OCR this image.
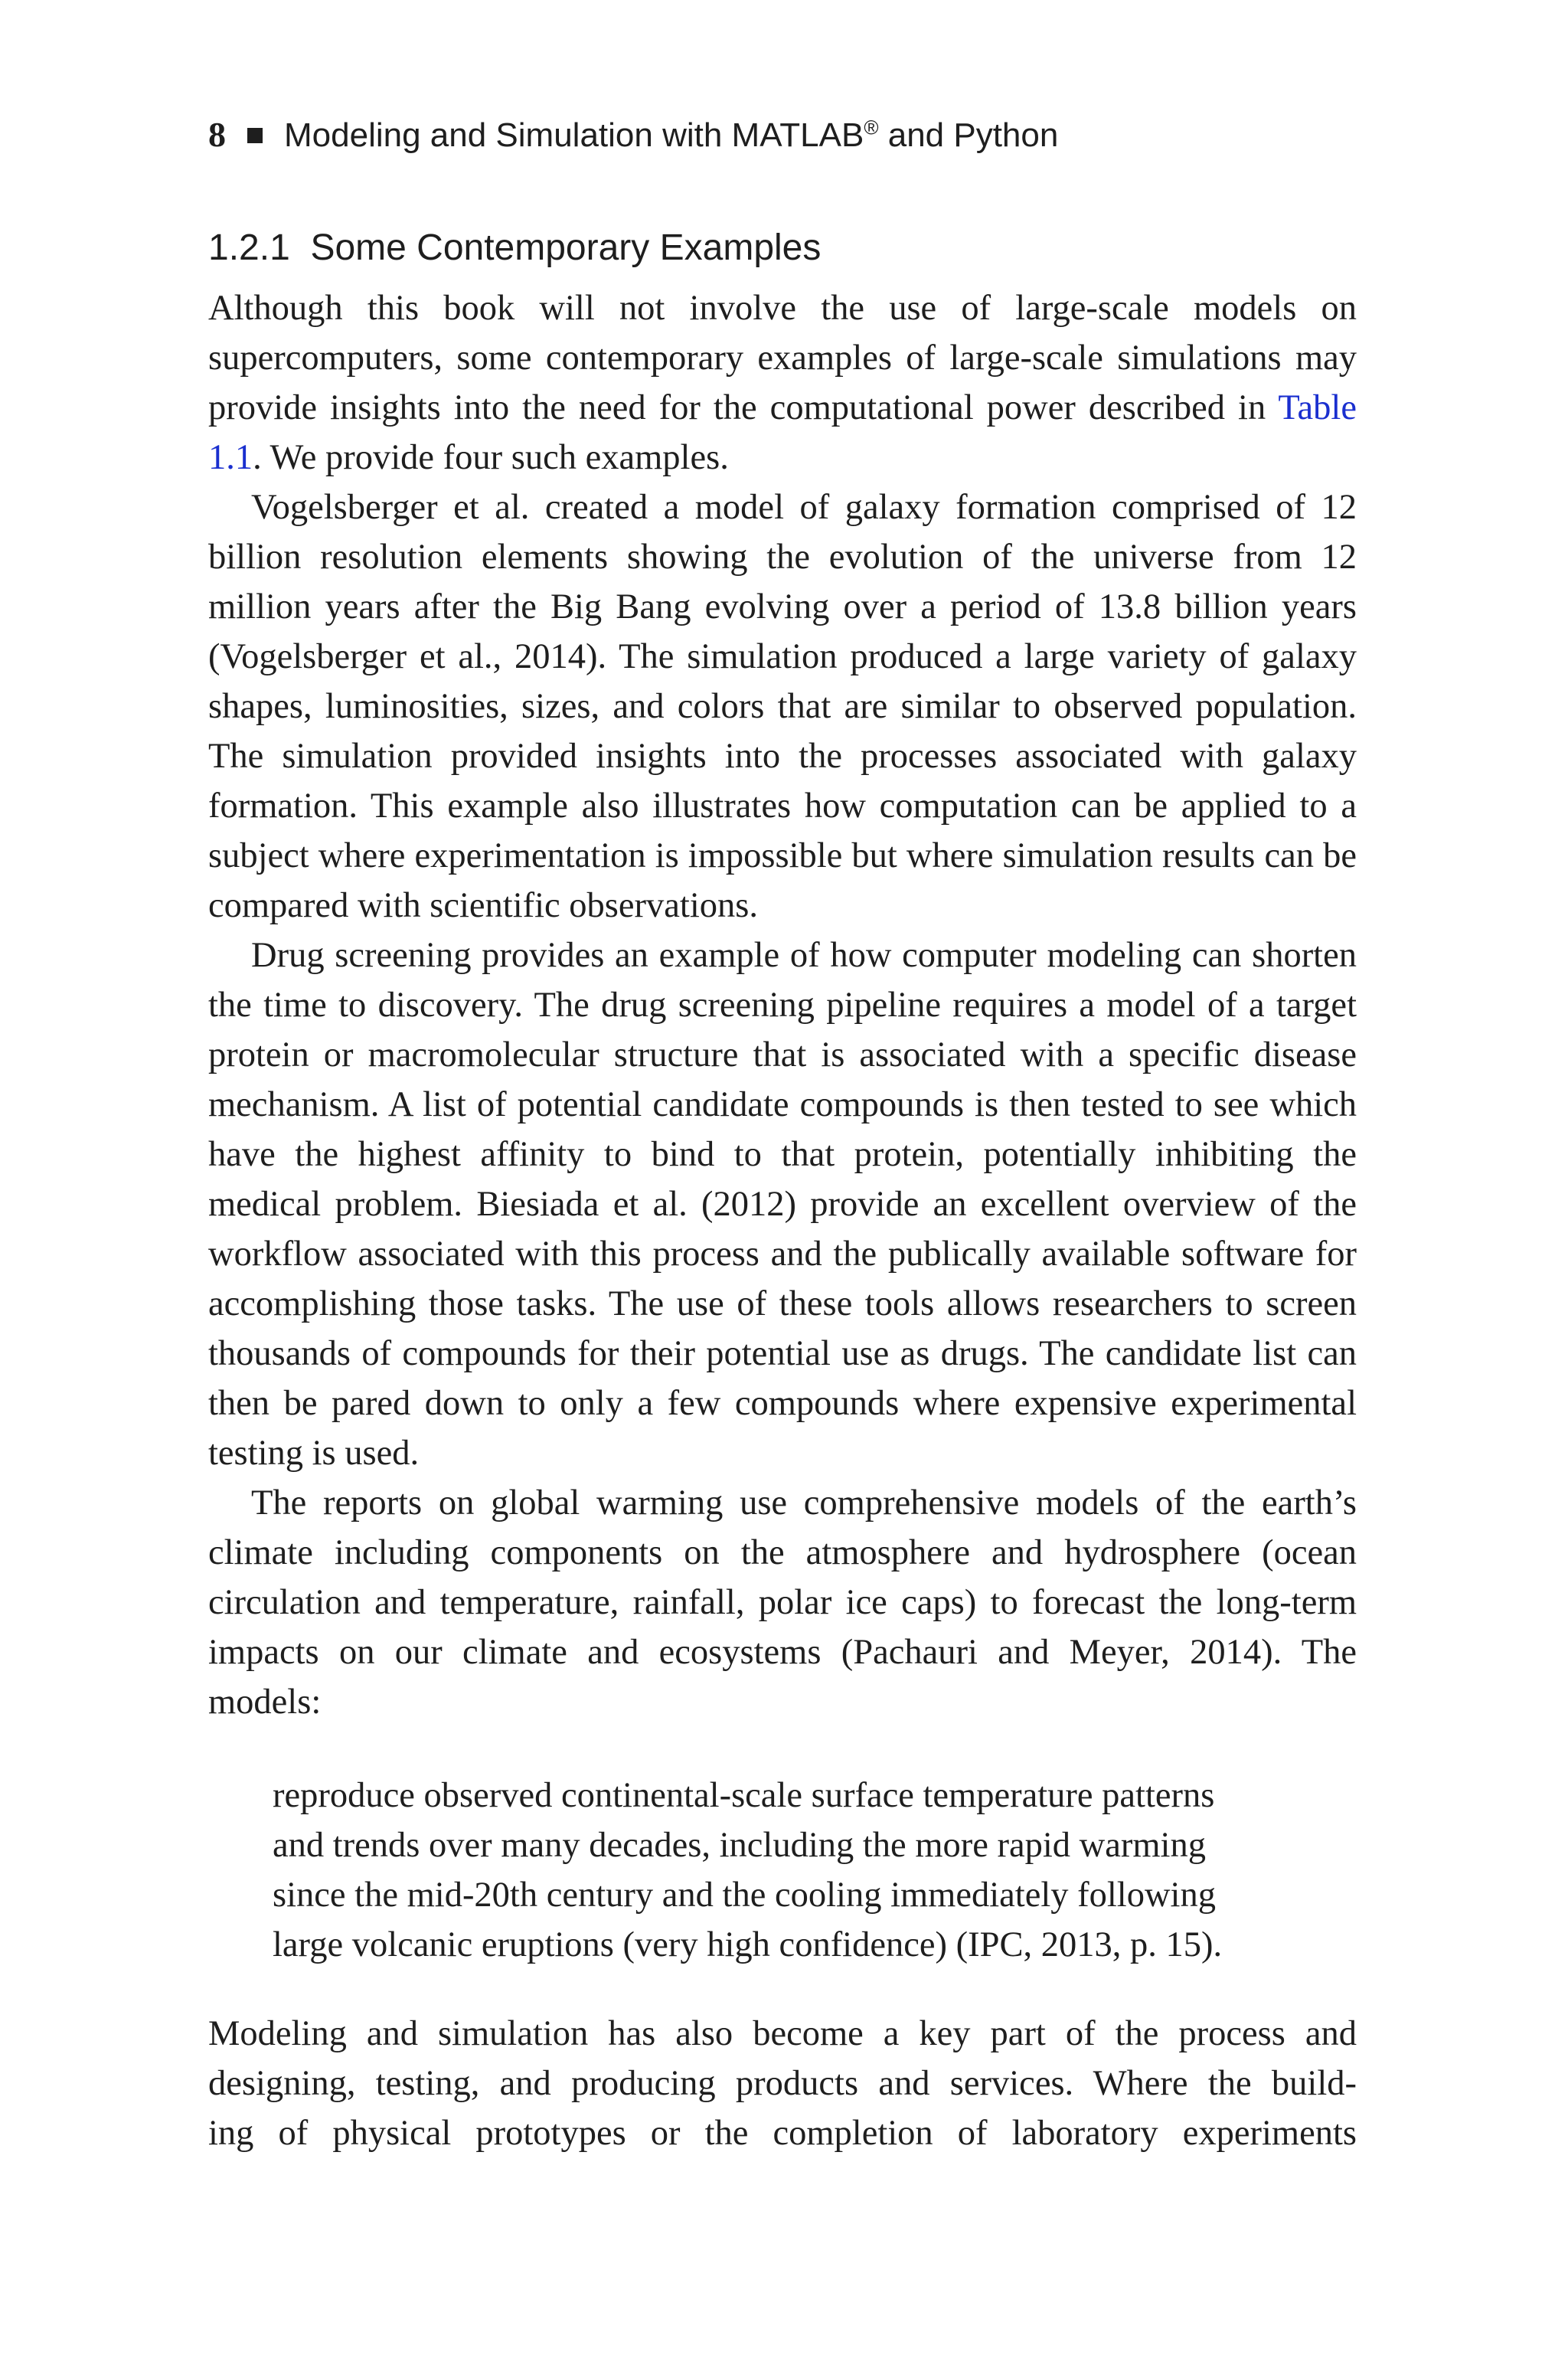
8 Modeling and Simulation with MATLAB® and Python
1.2.1 Some Contemporary Examples

Although this book will not involve the use of large-scale models on supercomputers, some contemporary examples of large-scale simulations may provide insights into the need for the computational power described in Table 1.1. We provide four such examples.

Vogelsberger et al. created a model of galaxy formation comprised of 12 billion resolution elements showing the evolution of the universe from 12 million years after the Big Bang evolving over a period of 13.8 billion years (Vogelsberger et al., 2014). The simulation produced a large variety of galaxy shapes, luminosities, sizes, and colors that are similar to observed population. The simulation provided insights into the processes associated with galaxy formation. This example also illustrates how computation can be applied to a subject where experimentation is impossible but where simulation results can be compared with scientific observations.

Drug screening provides an example of how computer modeling can shorten the time to discovery. The drug screening pipeline requires a model of a target protein or macromolecular structure that is associated with a specific disease mechanism. A list of potential candidate compounds is then tested to see which have the highest affinity to bind to that protein, potentially inhibiting the medical problem. Biesiada et al. (2012) provide an excellent overview of the workflow associated with this process and the publically available software for accomplishing those tasks. The use of these tools allows researchers to screen thousands of compounds for their potential use as drugs. The candidate list can then be pared down to only a few compounds where expensive experimental testing is used.

The reports on global warming use comprehensive models of the earth’s climate including components on the atmosphere and hydrosphere (ocean circulation and temperature, rainfall, polar ice caps) to forecast the long-term impacts on our climate and ecosystems (Pachauri and Meyer, 2014). The models:

reproduce observed continental-scale surface temperature patterns
and trends over many decades, including the more rapid warming
since the mid-20th century and the cooling immediately following
large volcanic eruptions (very high confidence) (IPC, 2013, p. 15).

Modeling and simulation has also become a key part of the process and
designing, testing, and producing products and services. Where the build-
ing of physical prototypes or the completion of laboratory experiments
